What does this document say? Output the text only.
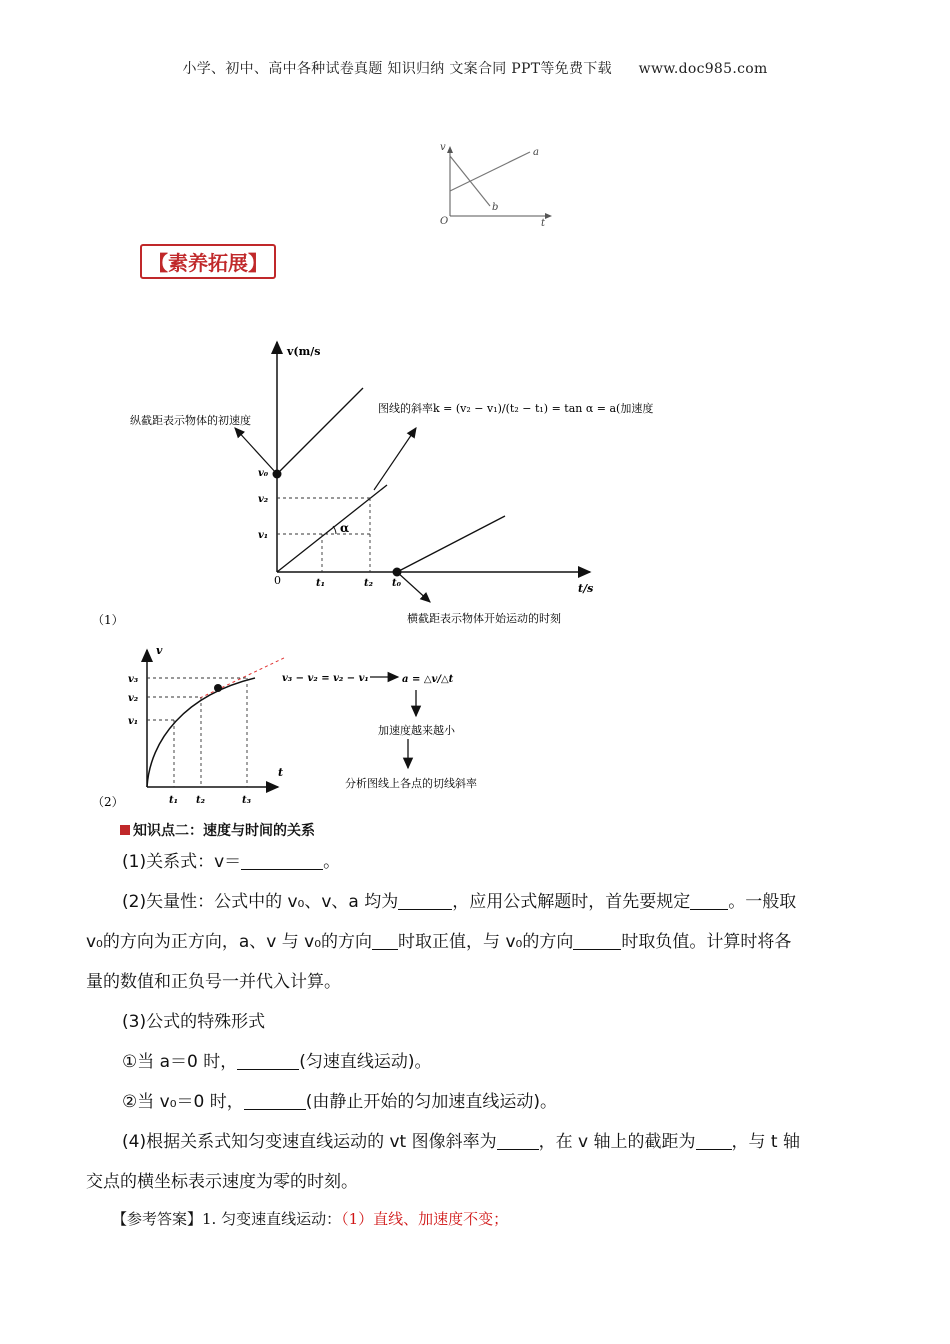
小学、初中、高中各种试卷真题 知识归纳 文案合同 PPT等免费下载 www.doc985.com
v	a
b
O	t
【素养拓展】
v(m/s
t/s
0
v₀
v₂
v₁
t₁	t₂ t₀
α
纵截距表示物体的初速度
图线的斜率k = (v₂ − v₁)/(t₂ − t₁) = tan α = a(加速度
横截距表示物体开始运动的时刻
（1）
v
t
v₃
v₂
v₁
t₁ t₂	t₃
（2）
v₃ − v₂ = v₂ − v₁	a = △v/△t
加速度越来越小
分析图线上各点的切线斜率
知识点二：速度与时间的关系
(1)关系式：v＝	。
(2)矢量性：公式中的 v₀、v、a 均为	，应用公式解题时，首先要规定 。一般取
v₀的方向为正方向，a、v 与 v₀的方向 时取正值，与 v₀的方向	时取负值。计算时将各
量的数值和正负号一并代入计算。
(3)公式的特殊形式
①当 a＝0 时，	(匀速直线运动)。
②当 v₀＝0 时，	(由静止开始的匀加速直线运动)。
(4)根据关系式知匀变速直线运动的 vt 图像斜率为 ，在 v 轴上的截距为 ，与 t 轴
交点的横坐标表示速度为零的时刻。
【参考答案】1. 匀变速直线运动：（1）直线、加速度不变；
